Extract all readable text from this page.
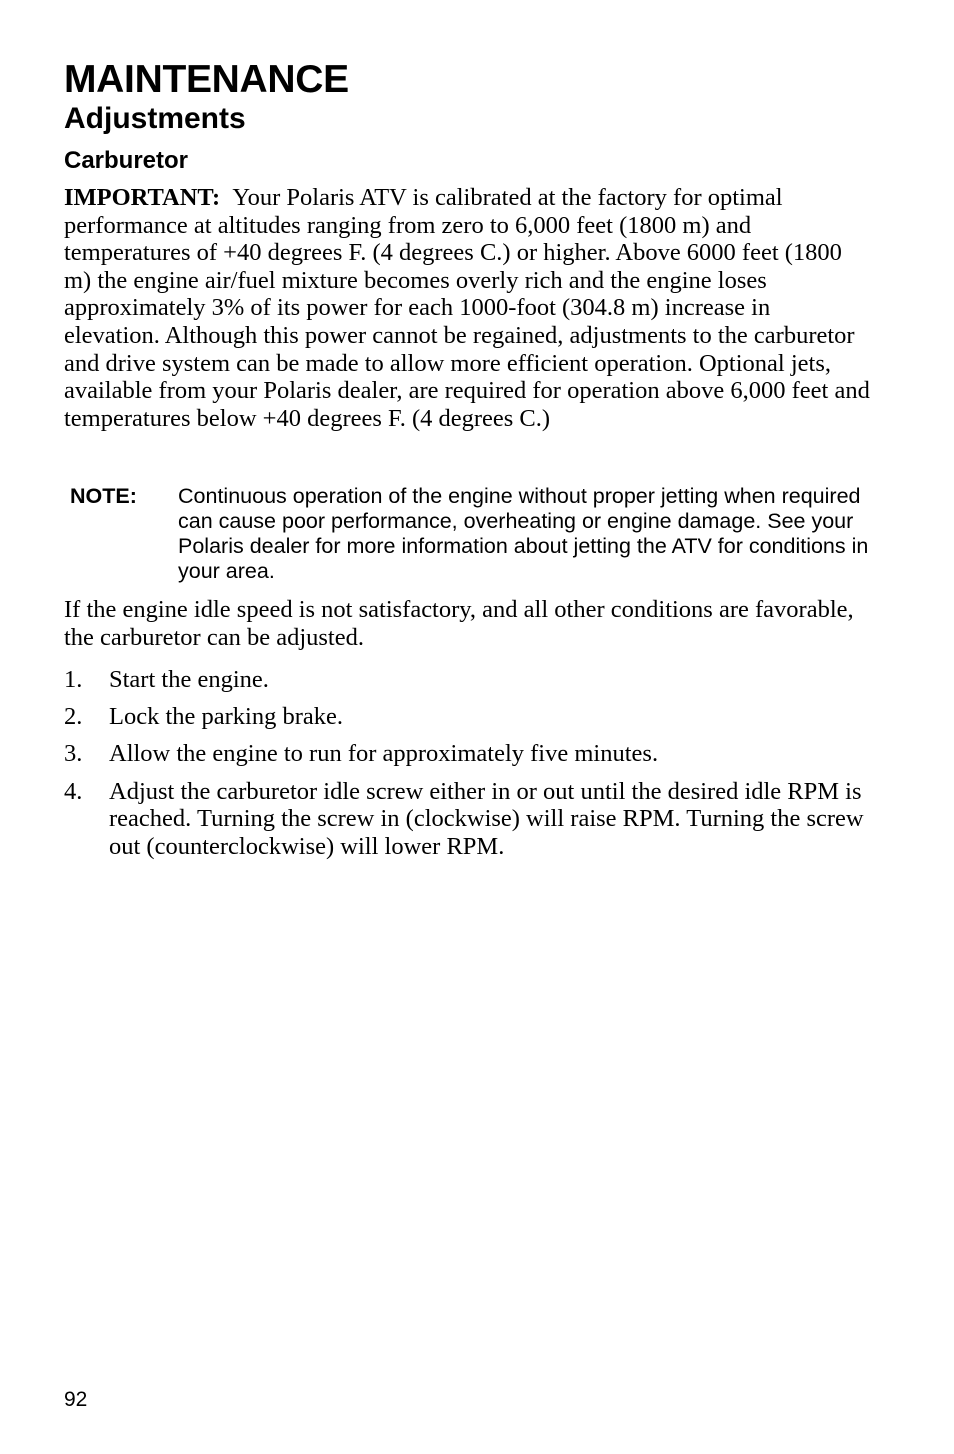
MAINTENANCE
Adjustments
Carburetor

IMPORTANT: Your Polaris ATV is calibrated at the factory for optimal performance at altitudes ranging from zero to 6,000 feet (1800 m) and temperatures of +40 degrees F. (4 degrees C.) or higher. Above 6000 feet (1800 m) the engine air/fuel mixture becomes overly rich and the engine loses approximately 3% of its power for each 1000-foot (304.8 m) increase in elevation. Although this power cannot be regained, adjustments to the carburetor and drive system can be made to allow more efficient operation. Optional jets, available from your Polaris dealer, are required for operation above 6,000 feet and temperatures below +40 degrees F. (4 degrees C.)

NOTE:	Continuous operation of the engine without proper jetting when required can cause poor performance, overheating or engine damage. See your Polaris dealer for more information about jetting the ATV for conditions in your area.

If the engine idle speed is not satisfactory, and all other conditions are favorable, the carburetor can be adjusted.

1.	Start the engine.
2.	Lock the parking brake.
3.	Allow the engine to run for approximately five minutes.
4.	Adjust the carburetor idle screw either in or out until the desired idle RPM is reached. Turning the screw in (clockwise) will raise RPM. Turning the screw out (counterclockwise) will lower RPM.
92
